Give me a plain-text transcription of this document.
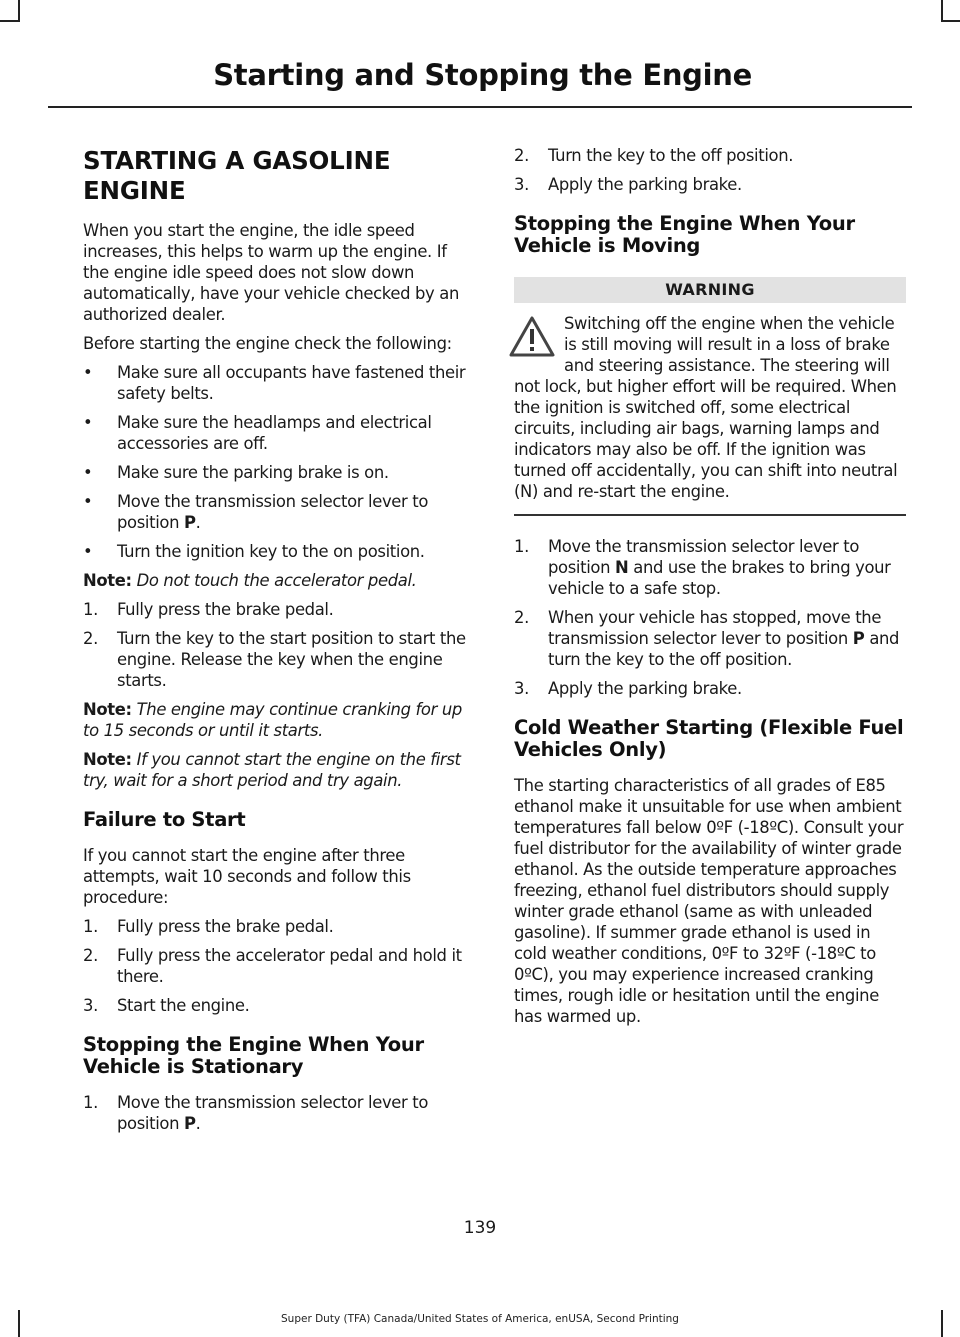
Starting and Stopping the Engine
STARTING A GASOLINE
ENGINE

When you start the engine, the idle speed increases, this helps to warm up the engine. If the engine idle speed does not slow down automatically, have your vehicle checked by an authorized dealer.

Before starting the engine check the following:

• Make sure all occupants have fastened their safety belts.
• Make sure the headlamps and electrical accessories are off.
• Make sure the parking brake is on.
• Move the transmission selector lever to position P.
• Turn the ignition key to the on position.

Note: Do not touch the accelerator pedal.

1. Fully press the brake pedal.
2. Turn the key to the start position to start the engine. Release the key when the engine starts.

Note: The engine may continue cranking for up to 15 seconds or until it starts.

Note: If you cannot start the engine on the first try, wait for a short period and try again.

Failure to Start

If you cannot start the engine after three attempts, wait 10 seconds and follow this procedure:

1. Fully press the brake pedal.
2. Fully press the accelerator pedal and hold it there.
3. Start the engine.
Stopping the Engine When Your Vehicle is Stationary
1. Move the transmission selector lever to position P.
2. Turn the key to the off position.
3. Apply the parking brake.
Stopping the Engine When Your Vehicle is Moving
WARNING
Switching off the engine when the vehicle is still moving will result in a loss of brake and steering assistance. The steering will not lock, but higher effort will be required. When the ignition is switched off, some electrical circuits, including air bags, warning lamps and indicators may also be off. If the ignition was turned off accidentally, you can shift into neutral (N) and re-start the engine.
1. Move the transmission selector lever to position N and use the brakes to bring your vehicle to a safe stop.
2. When your vehicle has stopped, move the transmission selector lever to position P and turn the key to the off position.
3. Apply the parking brake.
Cold Weather Starting (Flexible Fuel Vehicles Only)

The starting characteristics of all grades of E85 ethanol make it unsuitable for use when ambient temperatures fall below 0ºF (-18ºC). Consult your fuel distributor for the availability of winter grade ethanol. As the outside temperature approaches freezing, ethanol fuel distributors should supply winter grade ethanol (same as with unleaded gasoline). If summer grade ethanol is used in cold weather conditions, 0ºF to 32ºF (-18ºC to 0ºC), you may experience increased cranking times, rough idle or hesitation until the engine has warmed up.

139
Super Duty (TFA) Canada/United States of America, enUSA, Second Printing
